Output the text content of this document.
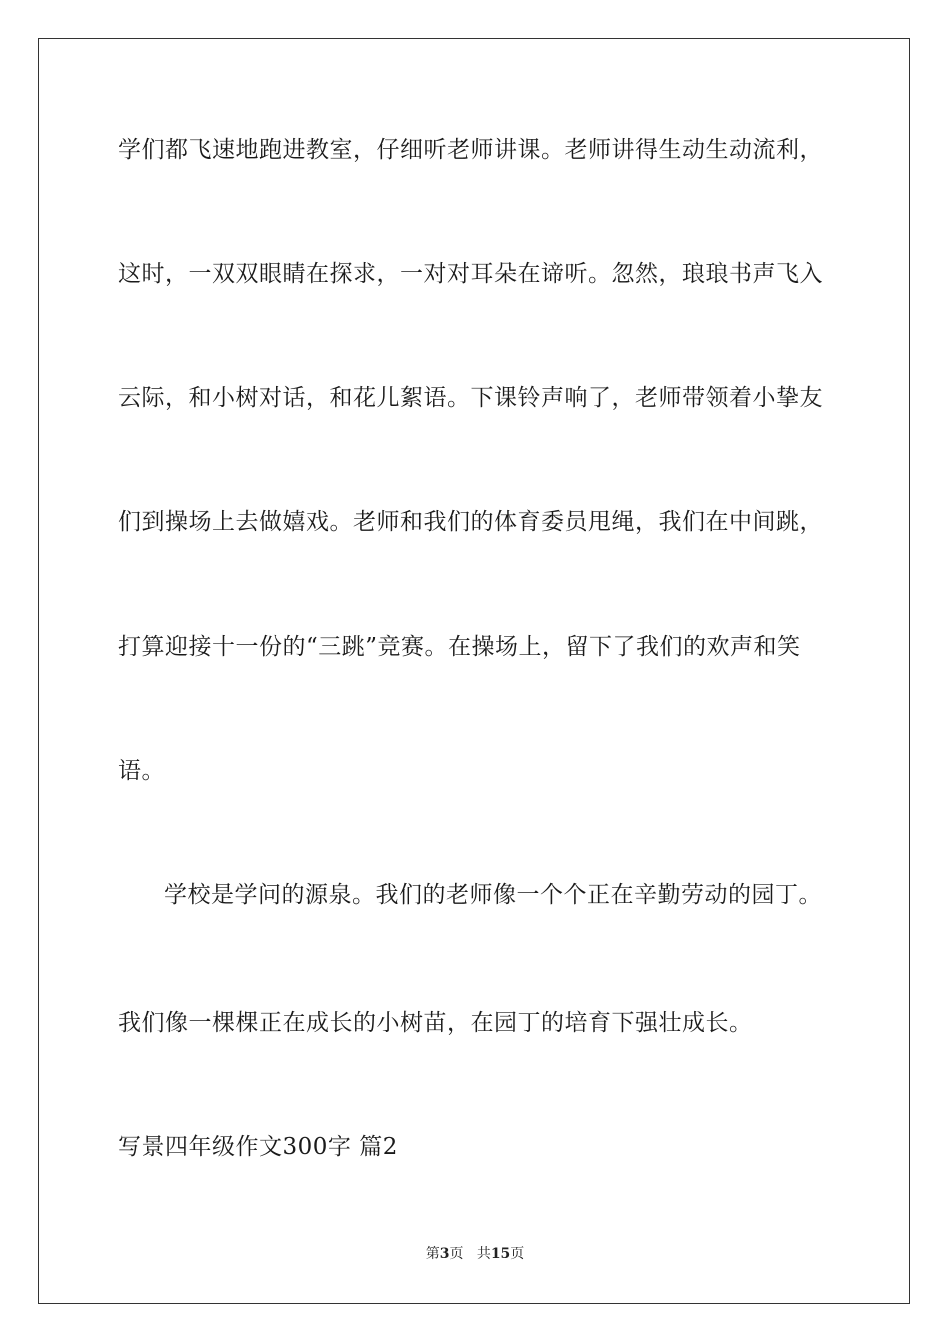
学们都飞速地跑进教室，仔细听老师讲课。老师讲得生动生动流利，
这时，一双双眼睛在探求，一对对耳朵在谛听。忽然，琅琅书声飞入
云际，和小树对话，和花儿絮语。下课铃声响了，老师带领着小挚友
们到操场上去做嬉戏。老师和我们的体育委员甩绳，我们在中间跳，
打算迎接十一份的“三跳”竞赛。在操场上，留下了我们的欢声和笑
语。
学校是学问的源泉。我们的老师像一个个正在辛勤劳动的园丁。
我们像一棵棵正在成长的小树苗，在园丁的培育下强壮成长。
写景四年级作文300字 篇2
第3页 共15页
